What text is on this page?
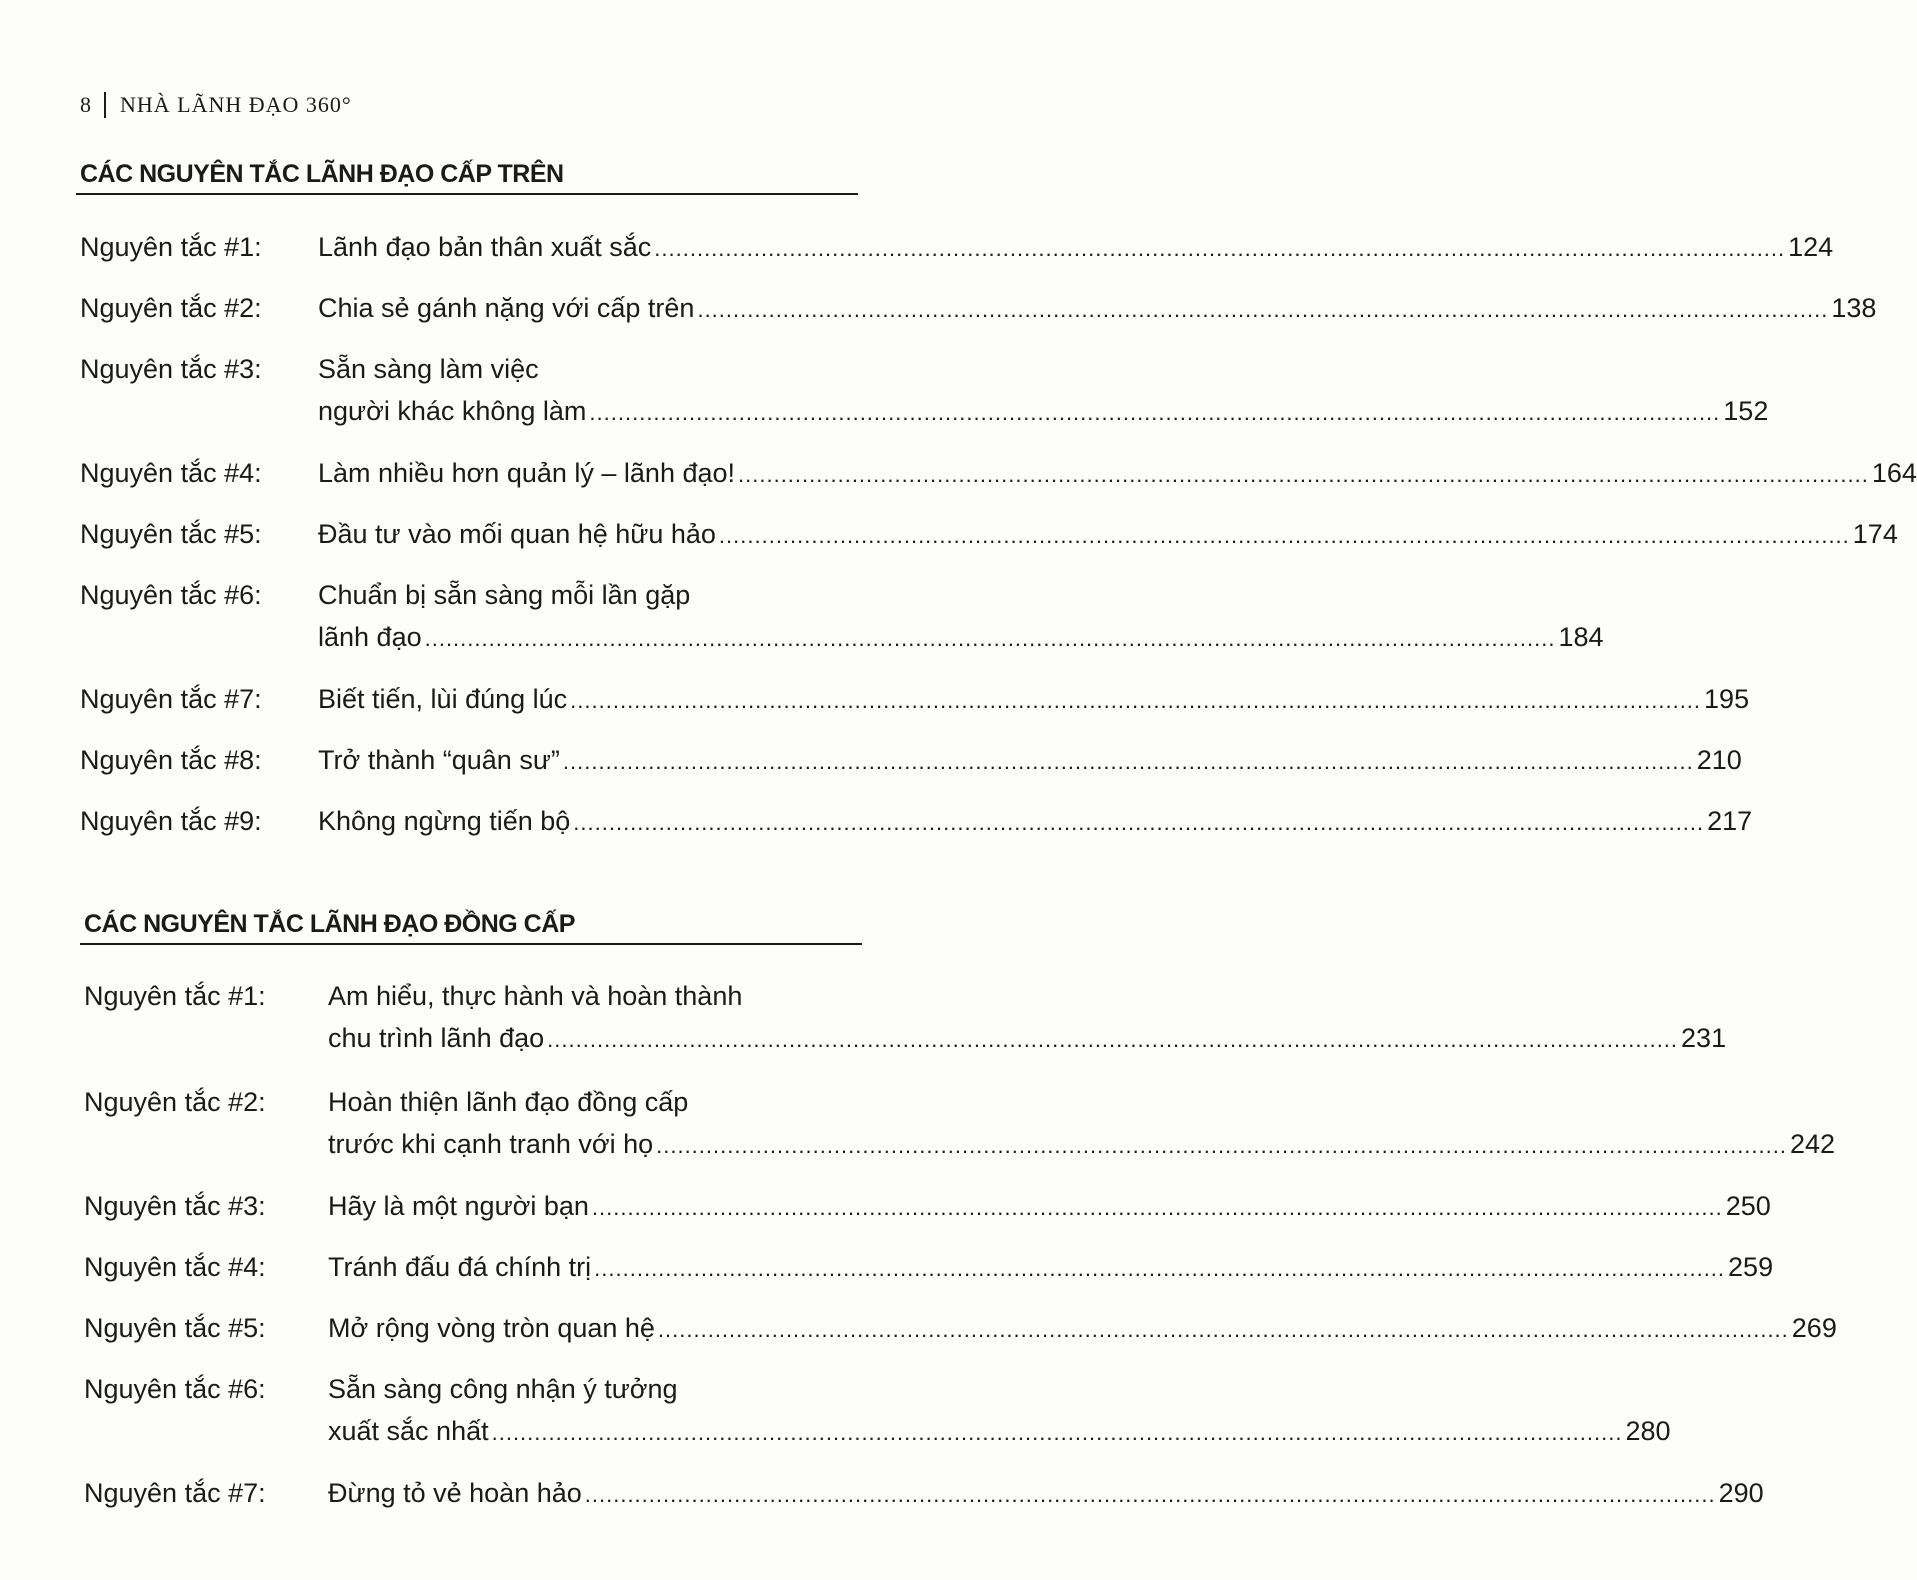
8 NHÀ LÃNH ĐẠO 360°
CÁC NGUYÊN TẮC LÃNH ĐẠO CẤP TRÊN
Nguyên tắc #1:	Lãnh đạo bản thân xuất sắc .....	124
Nguyên tắc #2:	Chia sẻ gánh nặng với cấp trên .....	138
Nguyên tắc #3:	Sẵn sàng làm việc
người khác không làm .....	152
Nguyên tắc #4:	Làm nhiều hơn quản lý – lãnh đạo! .....	164
Nguyên tắc #5:	Đầu tư vào mối quan hệ hữu hảo .....	174
Nguyên tắc #6:	Chuẩn bị sẵn sàng mỗi lần gặp
lãnh đạo .....	184
Nguyên tắc #7:	Biết tiến, lùi đúng lúc .....	195
Nguyên tắc #8:	Trở thành “quân sư” .....	210
Nguyên tắc #9:	Không ngừng tiến bộ .....	217
CÁC NGUYÊN TẮC LÃNH ĐẠO ĐỒNG CẤP
Nguyên tắc #1:	Am hiểu, thực hành và hoàn thành
chu trình lãnh đạo .....	231
Nguyên tắc #2:	Hoàn thiện lãnh đạo đồng cấp
trước khi cạnh tranh với họ .....	242
Nguyên tắc #3:	Hãy là một người bạn .....	250
Nguyên tắc #4:	Tránh đấu đá chính trị .....	259
Nguyên tắc #5:	Mở rộng vòng tròn quan hệ .....	269
Nguyên tắc #6:	Sẵn sàng công nhận ý tưởng
xuất sắc nhất .....	280
Nguyên tắc #7:	Đừng tỏ vẻ hoàn hảo .....	290
